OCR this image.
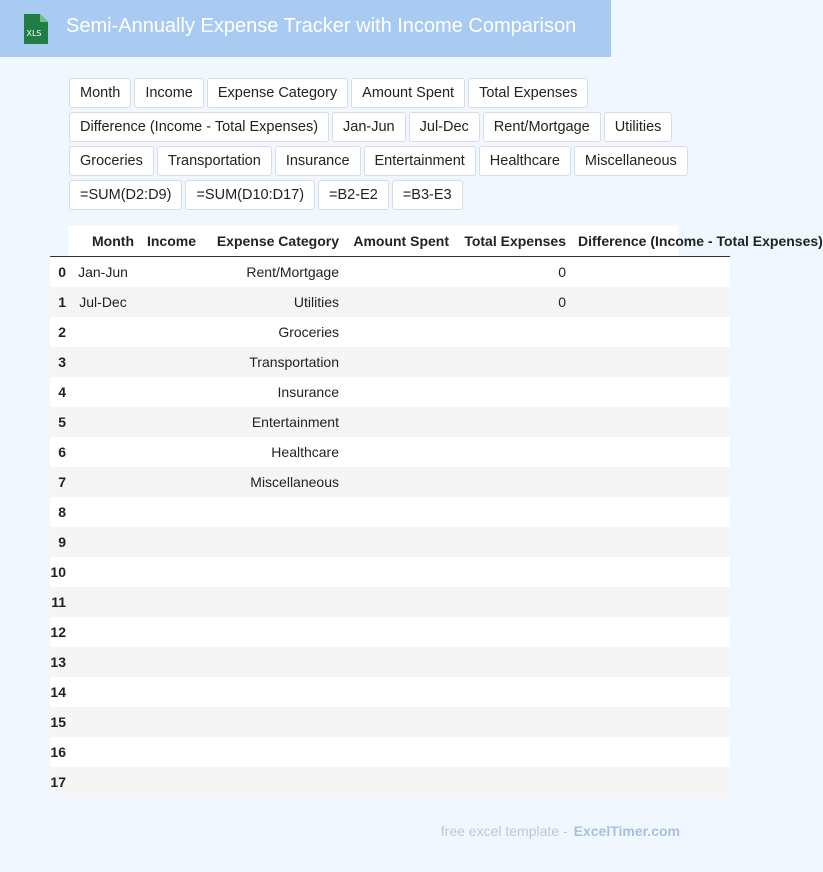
XLS Semi-Annually Expense Tracker with Income Comparison
Month	Income	Expense Category	Amount Spent	Total Expenses
Difference (Income - Total Expenses)	Jan-Jun	Jul-Dec	Rent/Mortgage	Utilities
Groceries	Transportation	Insurance	Entertainment	Healthcare	Miscellaneous
=SUM(D2:D9)	=SUM(D10:D17)	=B2-E2	=B3-E3
	Month	Income	Expense Category	Amount Spent	Total Expenses	Difference (Income - Total Expenses)
0	Jan-Jun		Rent/Mortgage		0	
1	Jul-Dec		Utilities		0	
2			Groceries			
3			Transportation			
4			Insurance			
5			Entertainment			
6			Healthcare			
7			Miscellaneous			
8						
9						
10						
11						
12						
13						
14						
15						
16						
17						
free excel template - ExcelTimer.com
